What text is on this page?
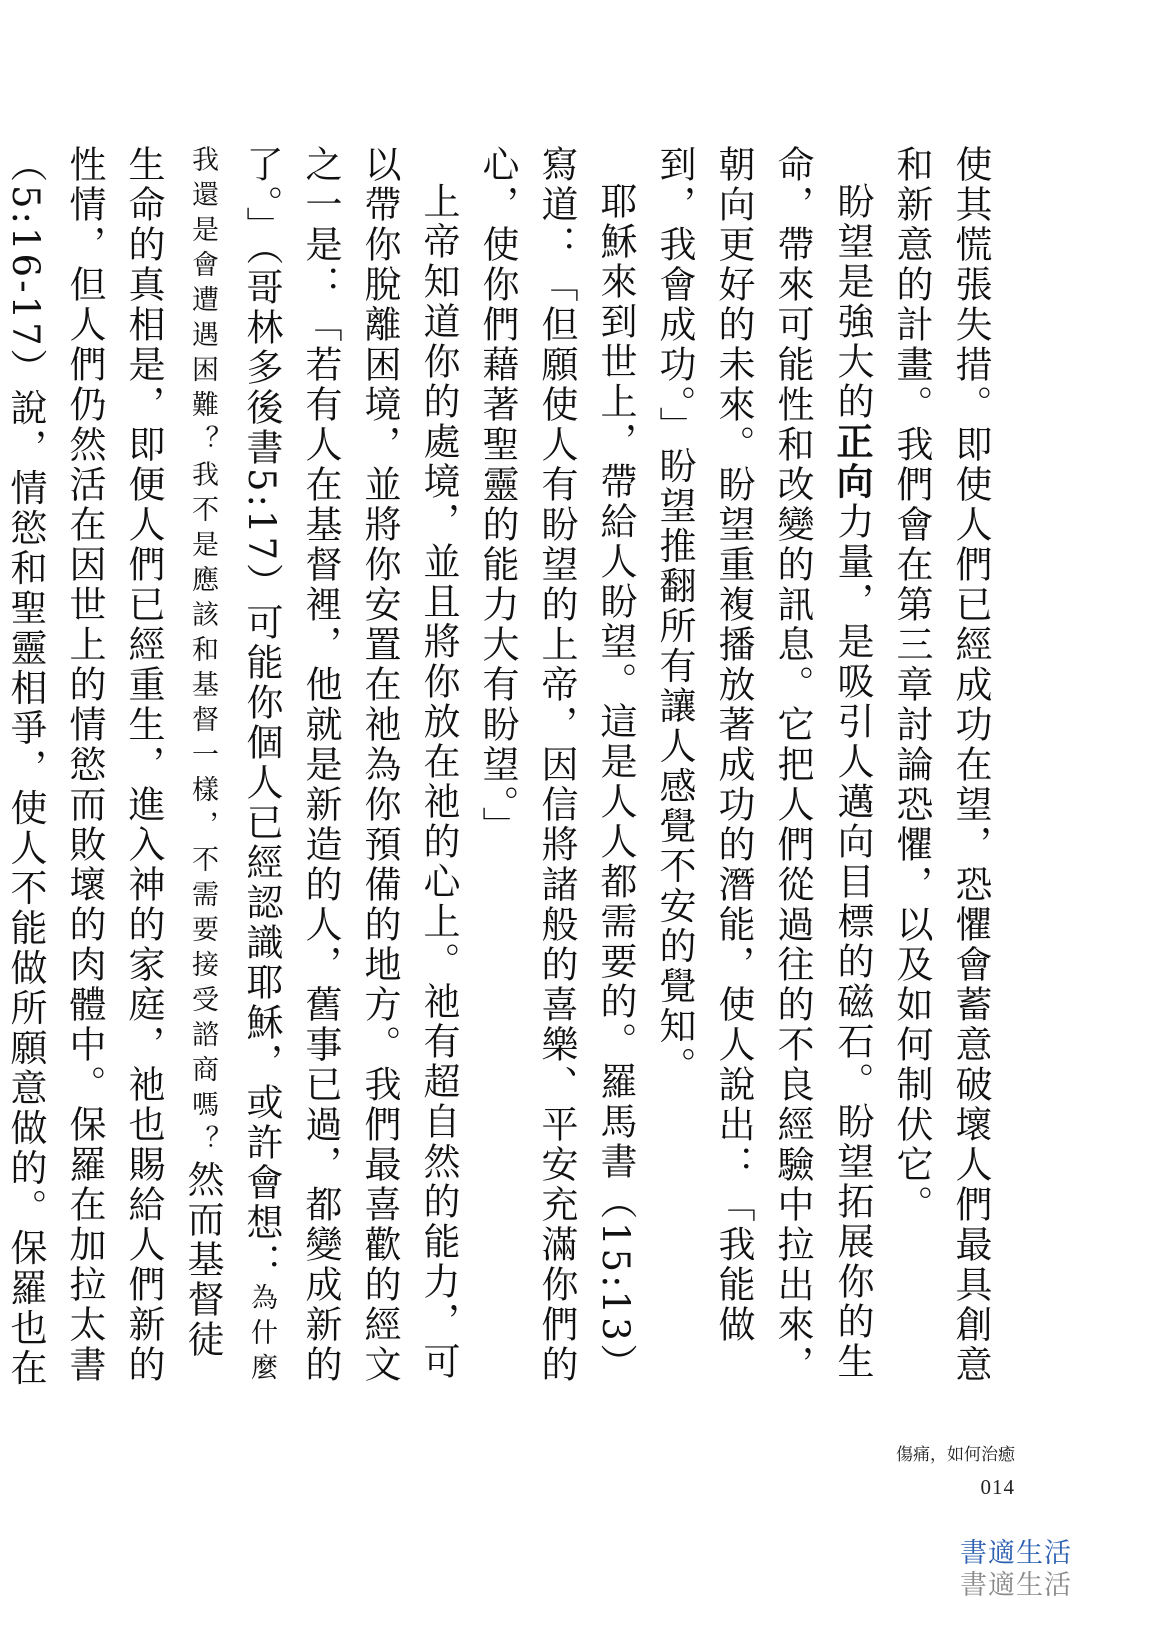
使其慌張失措。即使人們已經成功在望，恐懼會蓄意破壞人們最具創意和新意的計畫。我們會在第三章討論恐懼，以及如何制伏它。

盼望是強大的正向力量，是吸引人邁向目標的磁石。盼望拓展你的生命，帶來可能性和改變的訊息。它把人們從過往的不良經驗中拉出來，朝向更好的未來。盼望重複播放著成功的潛能，使人說出：「我能做到，我會成功。」盼望推翻所有讓人感覺不安的覺知。

耶穌來到世上，帶給人盼望。這是人人都需要的。羅馬書（15:13）寫道：「但願使人有盼望的上帝，因信將諸般的喜樂、平安充滿你們的心，使你們藉著聖靈的能力大有盼望。」

上帝知道你的處境，並且將你放在祂的心上。祂有超自然的能力，可以帶你脫離困境，並將你安置在祂為你預備的地方。我們最喜歡的經文之一是：「若有人在基督裡，他就是新造的人，舊事已過，都變成新的了。」（哥林多後書5:17）可能你個人已經認識耶穌，或許會想：為什麼我還是會遭遇困難？我不是應該和基督一樣，不需要接受諮商嗎？然而基督徒生命的真相是，即便人們已經重生，進入神的家庭，祂也賜給人們新的性情，但人們仍然活在因世上的情慾而敗壞的肉體中。保羅在加拉太書（5:16-17）說，情慾和聖靈相爭，使人不能做所願意做的。保羅也在

傷痛，如何治癒
014
書適生活
書適生活
